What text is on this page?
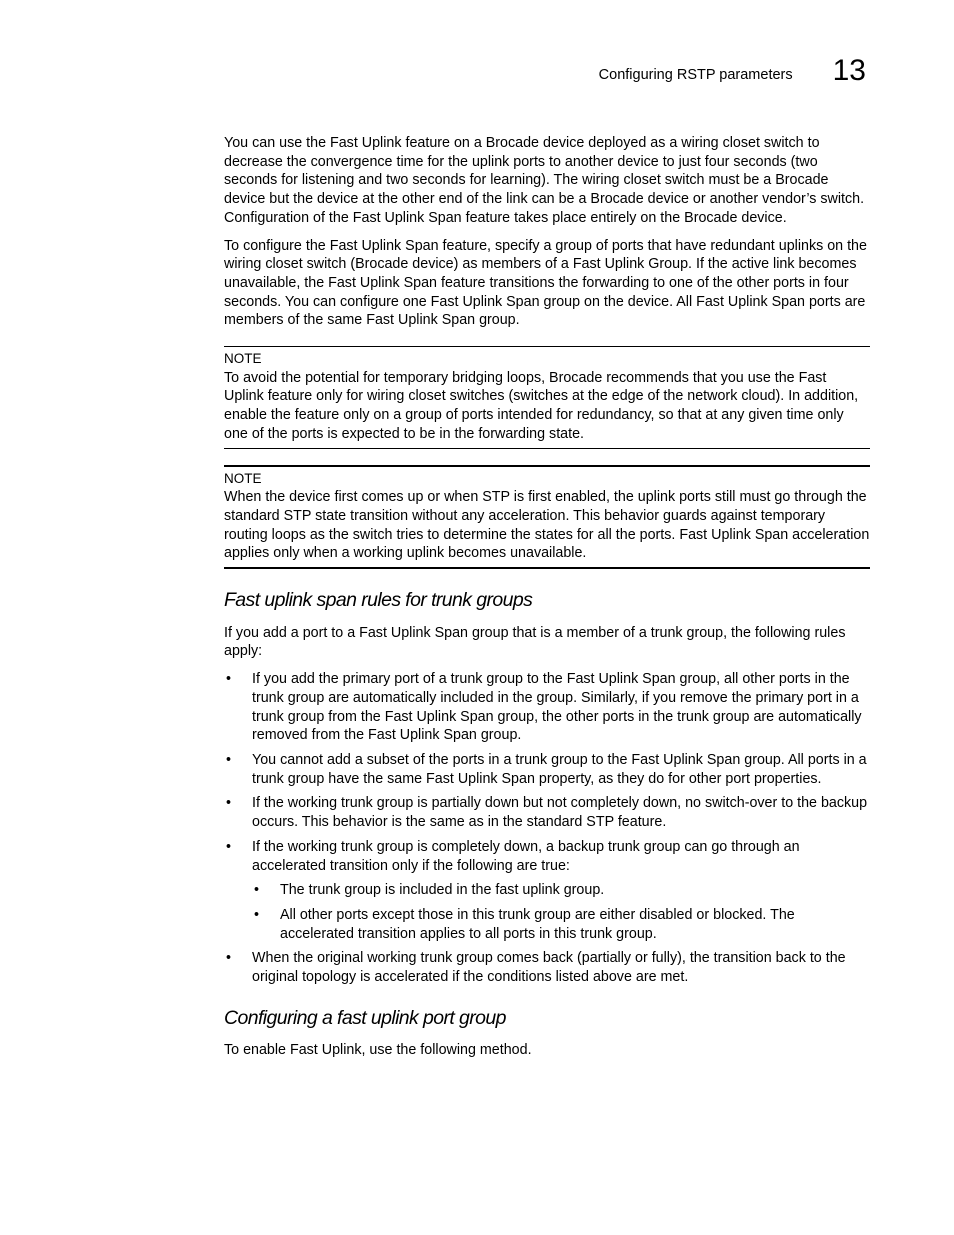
Configuring RSTP parameters 13

You can use the Fast Uplink feature on a Brocade device deployed as a wiring closet switch to decrease the convergence time for the uplink ports to another device to just four seconds (two seconds for listening and two seconds for learning). The wiring closet switch must be a Brocade device but the device at the other end of the link can be a Brocade device or another vendor’s switch. Configuration of the Fast Uplink Span feature takes place entirely on the Brocade device.

To configure the Fast Uplink Span feature, specify a group of ports that have redundant uplinks on the wiring closet switch (Brocade device) as members of a Fast Uplink Group. If the active link becomes unavailable, the Fast Uplink Span feature transitions the forwarding to one of the other ports in four seconds. You can configure one Fast Uplink Span group on the device. All Fast Uplink Span ports are members of the same Fast Uplink Span group.

NOTE
To avoid the potential for temporary bridging loops, Brocade recommends that you use the Fast Uplink feature only for wiring closet switches (switches at the edge of the network cloud). In addition, enable the feature only on a group of ports intended for redundancy, so that at any given time only one of the ports is expected to be in the forwarding state.
NOTE
When the device first comes up or when STP is first enabled, the uplink ports still must go through the standard STP state transition without any acceleration. This behavior guards against temporary routing loops as the switch tries to determine the states for all the ports. Fast Uplink Span acceleration applies only when a working uplink becomes unavailable.
Fast uplink span rules for trunk groups

If you add a port to a Fast Uplink Span group that is a member of a trunk group, the following rules apply:

• If you add the primary port of a trunk group to the Fast Uplink Span group, all other ports in the trunk group are automatically included in the group. Similarly, if you remove the primary port in a trunk group from the Fast Uplink Span group, the other ports in the trunk group are automatically removed from the Fast Uplink Span group.
• You cannot add a subset of the ports in a trunk group to the Fast Uplink Span group. All ports in a trunk group have the same Fast Uplink Span property, as they do for other port properties.
• If the working trunk group is partially down but not completely down, no switch-over to the backup occurs. This behavior is the same as in the standard STP feature.
• If the working trunk group is completely down, a backup trunk group can go through an accelerated transition only if the following are true:
• The trunk group is included in the fast uplink group.
• All other ports except those in this trunk group are either disabled or blocked. The accelerated transition applies to all ports in this trunk group.
• When the original working trunk group comes back (partially or fully), the transition back to the original topology is accelerated if the conditions listed above are met.
Configuring a fast uplink port group

To enable Fast Uplink, use the following method.
